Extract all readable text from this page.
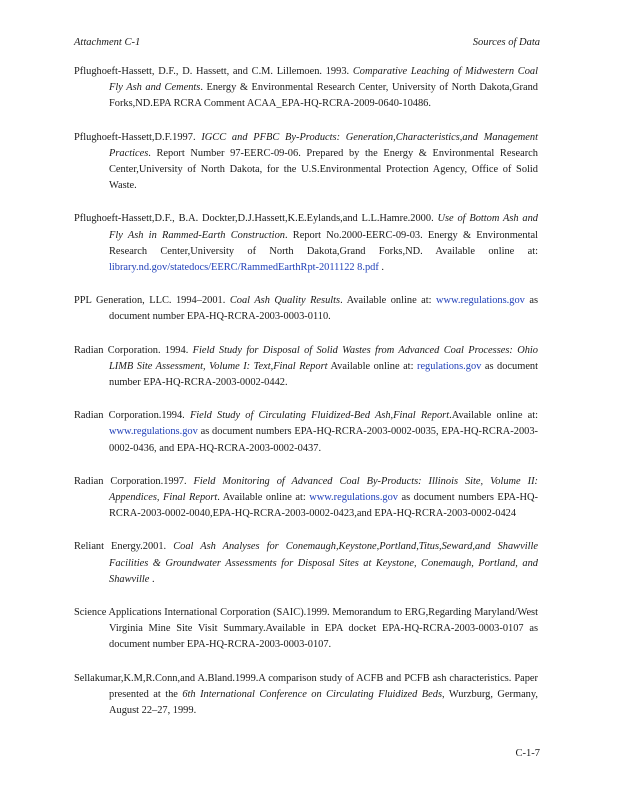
Attachment C-1	Sources of Data

Pflughoeft-Hassett, D.F., D. Hassett, and C.M. Lillemoen. 1993. Comparative Leaching of Midwestern Coal Fly Ash and Cements. Energy & Environmental Research Center, University of North Dakota,Grand Forks,ND.EPA RCRA Comment ACAA_EPA-HQ-RCRA-2009-0640-10486.

Pflughoeft-Hassett,D.F.1997. IGCC and PFBC By-Products: Generation,Characteristics,and Management Practices. Report Number 97-EERC-09-06. Prepared by the Energy & Environmental Research Center,University of North Dakota, for the U.S.Environmental Protection Agency, Office of Solid Waste.

Pflughoeft-Hassett,D.F., B.A. Dockter,D.J.Hassett,K.E.Eylands,and L.L.Hamre.2000. Use of Bottom Ash and Fly Ash in Rammed-Earth Construction. Report No.2000-EERC-09-03. Energy & Environmental Research Center,University of North Dakota,Grand Forks,ND. Available online at: library.nd.gov/statedocs/EERC/RammedEarthRpt-2011122 8.pdf .

PPL Generation, LLC. 1994–2001. Coal Ash Quality Results. Available online at: www.regulations.gov as document number EPA-HQ-RCRA-2003-0003-0110.

Radian Corporation. 1994. Field Study for Disposal of Solid Wastes from Advanced Coal Processes: Ohio LIMB Site Assessment, Volume I: Text,Final Report Available online at: regulations.gov as document number EPA-HQ-RCRA-2003-0002-0442.

Radian Corporation.1994. Field Study of Circulating Fluidized-Bed Ash,Final Report.Available online at: www.regulations.gov as document numbers EPA-HQ-RCRA-2003-0002-0035, EPA-HQ-RCRA-2003-0002-0436, and EPA-HQ-RCRA-2003-0002-0437.

Radian Corporation.1997. Field Monitoring of Advanced Coal By-Products: Illinois Site, Volume II: Appendices, Final Report. Available online at: www.regulations.gov as document numbers EPA-HQ-RCRA-2003-0002-0040,EPA-HQ-RCRA-2003-0002-0423,and EPA-HQ-RCRA-2003-0002-0424

Reliant Energy.2001. Coal Ash Analyses for Conemaugh,Keystone,Portland,Titus,Seward,and Shawville Facilities & Groundwater Assessments for Disposal Sites at Keystone, Conemaugh, Portland, and Shawville .

Science Applications International Corporation (SAIC).1999. Memorandum to ERG,Regarding Maryland/West Virginia Mine Site Visit Summary.Available in EPA docket EPA-HQ-RCRA-2003-0003-0107 as document number EPA-HQ-RCRA-2003-0003-0107.

Sellakumar,K.M,R.Conn,and A.Bland.1999.A comparison study of ACFB and PCFB ash characteristics. Paper presented at the 6th International Conference on Circulating Fluidized Beds, Wurzburg, Germany, August 22–27, 1999.

C-1-7
